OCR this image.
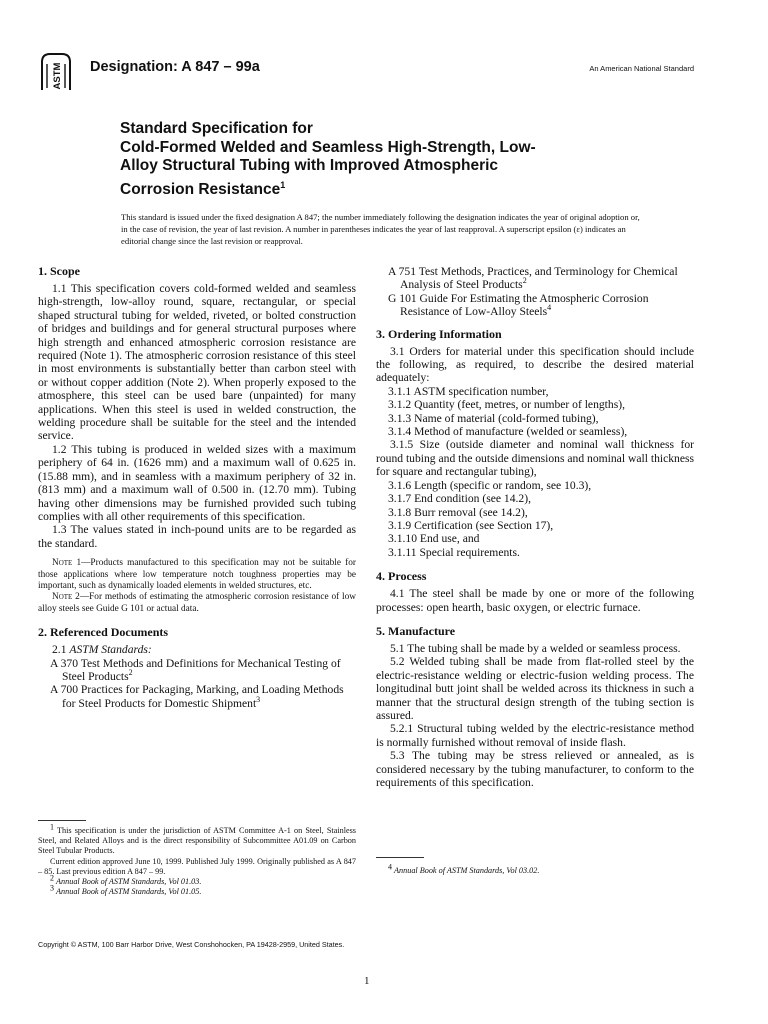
ASTM Designation: A 847 – 99a	An American National Standard
Standard Specification for
Cold-Formed Welded and Seamless High-Strength, Low-
Alloy Structural Tubing with Improved Atmospheric
Corrosion Resistance$^1$
This standard is issued under the fixed designation A 847; the number immediately following the designation indicates the year of original adoption or, in the case of revision, the year of last revision. A number in parentheses indicates the year of last reapproval. A superscript epsilon (ε) indicates an editorial change since the last revision or reapproval.
1. Scope

1.1 This specification covers cold-formed welded and seamless high-strength, low-alloy round, square, rectangular, or special shaped structural tubing for welded, riveted, or bolted construction of bridges and buildings and for general structural purposes where high strength and enhanced atmospheric corrosion resistance are required (Note 1). The atmospheric corrosion resistance of this steel in most environments is substantially better than carbon steel with or without copper addition (Note 2). When properly exposed to the atmosphere, this steel can be used bare (unpainted) for many applications. When this steel is used in welded construction, the welding procedure shall be suitable for the steel and the intended service.

1.2 This tubing is produced in welded sizes with a maximum periphery of 64 in. (1626 mm) and a maximum wall of 0.625 in. (15.88 mm), and in seamless with a maximum periphery of 32 in. (813 mm) and a maximum wall of 0.500 in. (12.70 mm). Tubing having other dimensions may be furnished provided such tubing complies with all other requirements of this specification.

1.3 The values stated in inch-pound units are to be regarded as the standard.

Note 1—Products manufactured to this specification may not be suitable for those applications where low temperature notch toughness properties may be important, such as dynamically loaded elements in welded structures, etc.

Note 2—For methods of estimating the atmospheric corrosion resistance of low alloy steels see Guide G 101 or actual data.

2. Referenced Documents

2.1 ASTM Standards:

A 370 Test Methods and Definitions for Mechanical Testing of Steel Products$^2$

A 700 Practices for Packaging, Marking, and Loading Methods for Steel Products for Domestic Shipment$^3$

A 751 Test Methods, Practices, and Terminology for Chemical Analysis of Steel Products$^2$

G 101 Guide For Estimating the Atmospheric Corrosion Resistance of Low-Alloy Steels$^4$

3. Ordering Information

3.1 Orders for material under this specification should include the following, as required, to describe the desired material adequately:

3.1.1 ASTM specification number,

3.1.2 Quantity (feet, metres, or number of lengths),

3.1.3 Name of material (cold-formed tubing),

3.1.4 Method of manufacture (welded or seamless),

3.1.5 Size (outside diameter and nominal wall thickness for round tubing and the outside dimensions and nominal wall thickness for square and rectangular tubing),

3.1.6 Length (specific or random, see 10.3),

3.1.7 End condition (see 14.2),

3.1.8 Burr removal (see 14.2),

3.1.9 Certification (see Section 17),

3.1.10 End use, and

3.1.11 Special requirements.

4. Process

4.1 The steel shall be made by one or more of the following processes: open hearth, basic oxygen, or electric furnace.

5. Manufacture

5.1 The tubing shall be made by a welded or seamless process.

5.2 Welded tubing shall be made from flat-rolled steel by the electric-resistance welding or electric-fusion welding process. The longitudinal butt joint shall be welded across its thickness in such a manner that the structural design strength of the tubing section is assured.

5.2.1 Structural tubing welded by the electric-resistance method is normally furnished without removal of inside flash.

5.3 The tubing may be stress relieved or annealed, as is considered necessary by the tubing manufacturer, to conform to the requirements of this specification.

$^1$ This specification is under the jurisdiction of ASTM Committee A-1 on Steel, Stainless Steel, and Related Alloys and is the direct responsibility of Subcommittee A01.09 on Carbon Steel Tubular Products.

Current edition approved June 10, 1999. Published July 1999. Originally published as A 847 – 85. Last previous edition A 847 – 99.

$^2$ Annual Book of ASTM Standards, Vol 01.03.

$^3$ Annual Book of ASTM Standards, Vol 01.05.

$^4$ Annual Book of ASTM Standards, Vol 03.02.

Copyright © ASTM, 100 Barr Harbor Drive, West Conshohocken, PA 19428-2959, United States.
1
